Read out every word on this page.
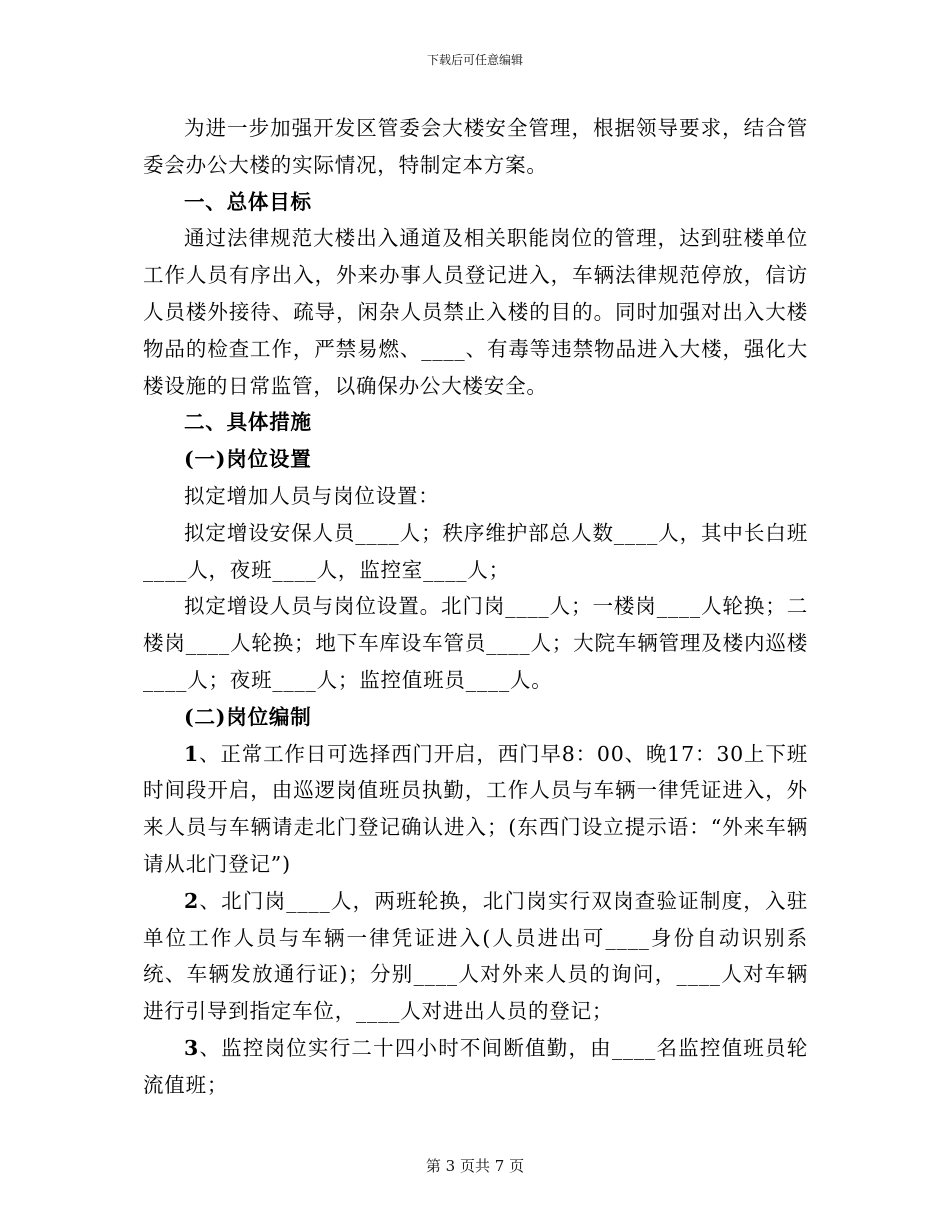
下载后可任意编辑

为进一步加强开发区管委会大楼安全管理，根据领导要求，结合管委会办公大楼的实际情况，特制定本方案。

一、总体目标

通过法律规范大楼出入通道及相关职能岗位的管理，达到驻楼单位工作人员有序出入，外来办事人员登记进入，车辆法律规范停放，信访人员楼外接待、疏导，闲杂人员禁止入楼的目的。同时加强对出入大楼物品的检查工作，严禁易燃、____、有毒等违禁物品进入大楼，强化大楼设施的日常监管，以确保办公大楼安全。

二、具体措施

(一)岗位设置

拟定增加人员与岗位设置：

拟定增设安保人员____人；秩序维护部总人数____人，其中长白班____人，夜班____人，监控室____人；

拟定增设人员与岗位设置。北门岗____人；一楼岗____人轮换；二楼岗____人轮换；地下车库设车管员____人；大院车辆管理及楼内巡楼____人；夜班____人；监控值班员____人。

(二)岗位编制

1、正常工作日可选择西门开启，西门早8：00、晚17：30上下班时间段开启，由巡逻岗值班员执勤，工作人员与车辆一律凭证进入，外来人员与车辆请走北门登记确认进入；(东西门设立提示语：“外来车辆请从北门登记”)

2、北门岗____人，两班轮换，北门岗实行双岗查验证制度，入驻单位工作人员与车辆一律凭证进入(人员进出可____身份自动识别系统、车辆发放通行证)；分别____人对外来人员的询问，____人对车辆进行引导到指定车位，____人对进出人员的登记；

3、监控岗位实行二十四小时不间断值勤，由____名监控值班员轮流值班；

第 3 页共 7 页
